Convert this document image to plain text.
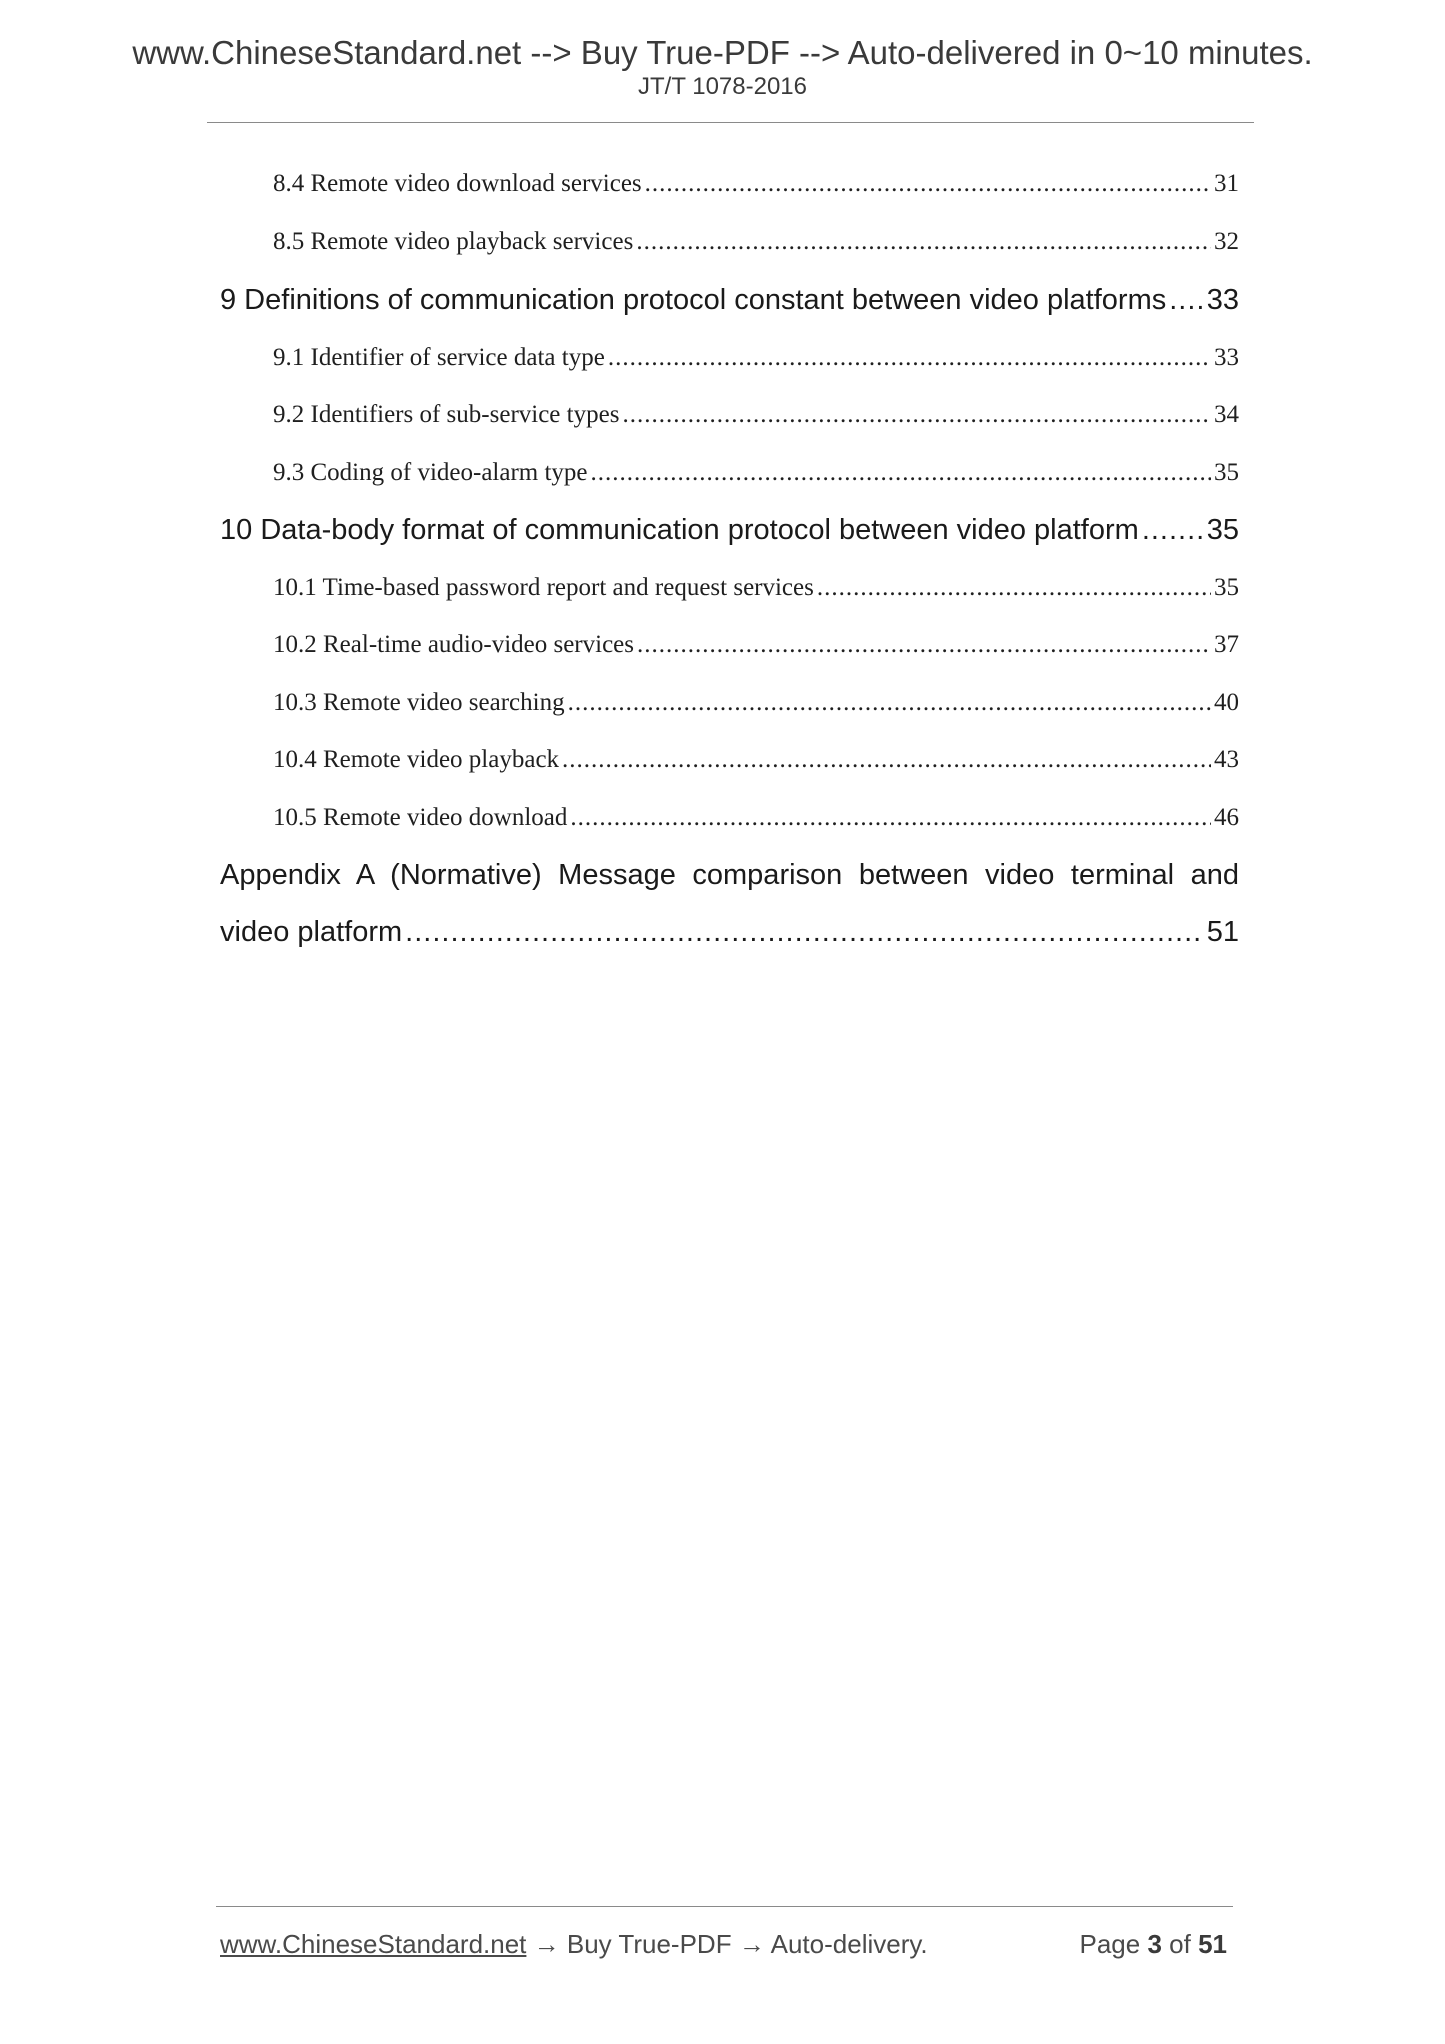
www.ChineseStandard.net --> Buy True-PDF --> Auto-delivered in 0~10 minutes.
JT/T 1078-2016
8.4 Remote video download services .....	31
8.5 Remote video playback services .....	32
9 Definitions of communication protocol constant between video platforms ..... 33
9.1 Identifier of service data type .....	33
9.2 Identifiers of sub-service types .....	34
9.3 Coding of video-alarm type .....	35
10 Data-body format of communication protocol between video platform ..... 35
10.1 Time-based password report and request services .....	35
10.2 Real-time audio-video services .....	37
10.3 Remote video searching .....	40
10.4 Remote video playback .....	43
10.5 Remote video download .....	46
Appendix A (Normative) Message comparison between video terminal and
video platform .....	51
www.ChineseStandard.net → Buy True-PDF → Auto-delivery.	Page 3 of 51
